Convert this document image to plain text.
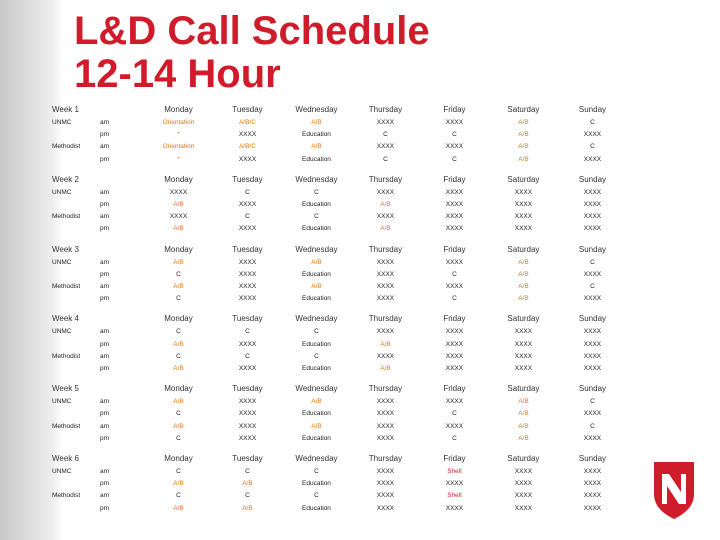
L&D Call Schedule
12-14 Hour
Week 1		Monday	Tuesday	Wednesday	Thursday	Friday	Saturday	Sunday
UNMC	am	Orientation	A/B/C	A/B	XXXX	XXXX	A/B	C
	pm	*	XXXX	Education	C	C	A/B	XXXX
Methodist	am	Orientation	A/B/C	A/B	XXXX	XXXX	A/B	C
	pm	*	XXXX	Education	C	C	A/B	XXXX

Week 2		Monday	Tuesday	Wednesday	Thursday	Friday	Saturday	Sunday
UNMC	am	XXXX	C	C	XXXX	XXXX	XXXX	XXXX
	pm	A/B	XXXX	Education	A/B	XXXX	XXXX	XXXX
Methodist	am	XXXX	C	C	XXXX	XXXX	XXXX	XXXX
	pm	A/B	XXXX	Education	A/B	XXXX	XXXX	XXXX

Week 3		Monday	Tuesday	Wednesday	Thursday	Friday	Saturday	Sunday
UNMC	am	A/B	XXXX	A/B	XXXX	XXXX	A/B	C
	pm	C	XXXX	Education	XXXX	C	A/B	XXXX
Methodist	am	A/B	XXXX	A/B	XXXX	XXXX	A/B	C
	pm	C	XXXX	Education	XXXX	C	A/B	XXXX

Week 4		Monday	Tuesday	Wednesday	Thursday	Friday	Saturday	Sunday
UNMC	am	C	C	C	XXXX	XXXX	XXXX	XXXX
	pm	A/B	XXXX	Education	A/B	XXXX	XXXX	XXXX
Methodist	am	C	C	C	XXXX	XXXX	XXXX	XXXX
	pm	A/B	XXXX	Education	A/B	XXXX	XXXX	XXXX

Week 5		Monday	Tuesday	Wednesday	Thursday	Friday	Saturday	Sunday
UNMC	am	A/B	XXXX	A/B	XXXX	XXXX	A/B	C
	pm	C	XXXX	Education	XXXX	C	A/B	XXXX
Methodist	am	A/B	XXXX	A/B	XXXX	XXXX	A/B	C
	pm	C	XXXX	Education	XXXX	C	A/B	XXXX

Week 6		Monday	Tuesday	Wednesday	Thursday	Friday	Saturday	Sunday
UNMC	am	C	C	C	XXXX	Shell	XXXX	XXXX
	pm	A/B	A/B	Education	XXXX	XXXX	XXXX	XXXX
Methodist	am	C	C	C	XXXX	Shell	XXXX	XXXX
	pm	A/B	A/B	Education	XXXX	XXXX	XXXX	XXXX
